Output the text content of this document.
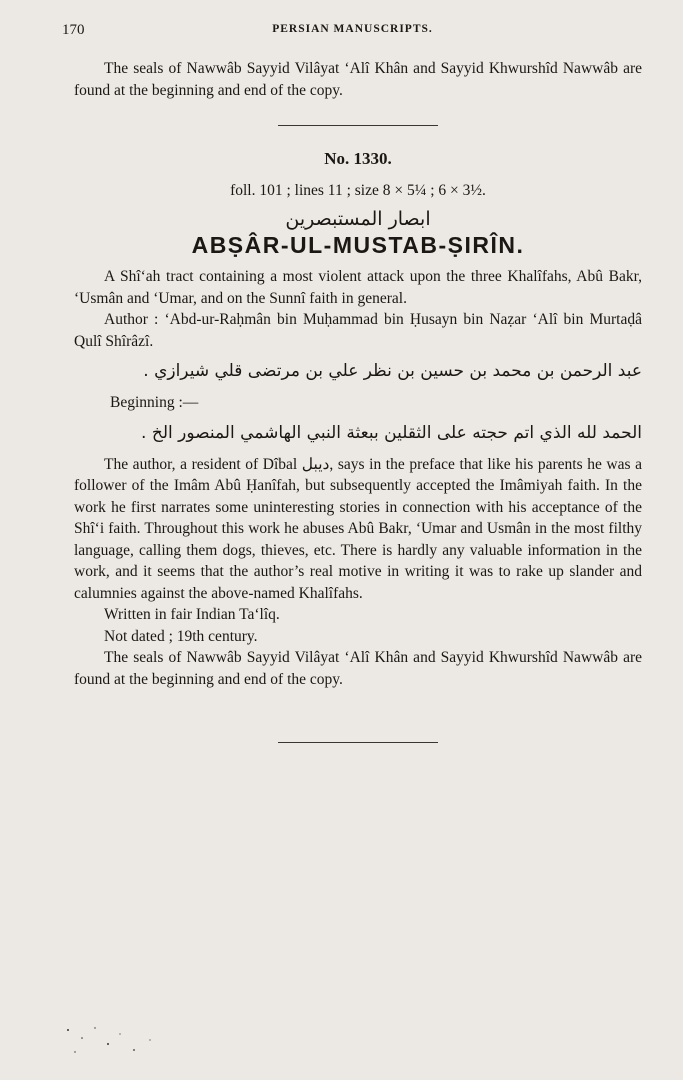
170	PERSIAN MANUSCRIPTS.

The seals of Nawwâb Sayyid Vilâyat ‘Alî Khân and Sayyid Khwurshîd Nawwâb are found at the beginning and end of the copy.

No. 1330.
foll. 101 ; lines 11 ; size 8 × 5¼ ; 6 × 3½.
ابصار المستبصرين
ABṢÂR-UL-MUSTAB-ṢIRÎN.

A Shî‘ah tract containing a most violent attack upon the three Khalîfahs, Abû Bakr, ‘Usmân and ‘Umar, and on the Sunnî faith in general.

Author : ‘Abd-ur-Raḥmân bin Muḥammad bin Ḥusayn bin Naẓar ‘Alî bin Murtaḍâ Qulî Shîrâzî.

عبد الرحمن بن محمد بن حسين بن نظر علي بن مرتضى قلي شيرازي .

Beginning :—

الحمد لله الذي اتم حجته على الثقلين ببعثة النبي الهاشمي المنصور الخ .

The author, a resident of Dîbal ديبل, says in the preface that like his parents he was a follower of the Imâm Abû Ḥanîfah, but subsequently accepted the Imâmiyah faith. In the work he first narrates some uninteresting stories in connection with his acceptance of the Shî‘i faith. Throughout this work he abuses Abû Bakr, ‘Umar and Usmân in the most filthy language, calling them dogs, thieves, etc. There is hardly any valuable information in the work, and it seems that the author’s real motive in writing it was to rake up slander and calumnies against the above-named Khalîfahs.

Written in fair Indian Ta‘lîq.

Not dated ; 19th century.

The seals of Nawwâb Sayyid Vilâyat ‘Alî Khân and Sayyid Khwurshîd Nawwâb are found at the beginning and end of the copy.
